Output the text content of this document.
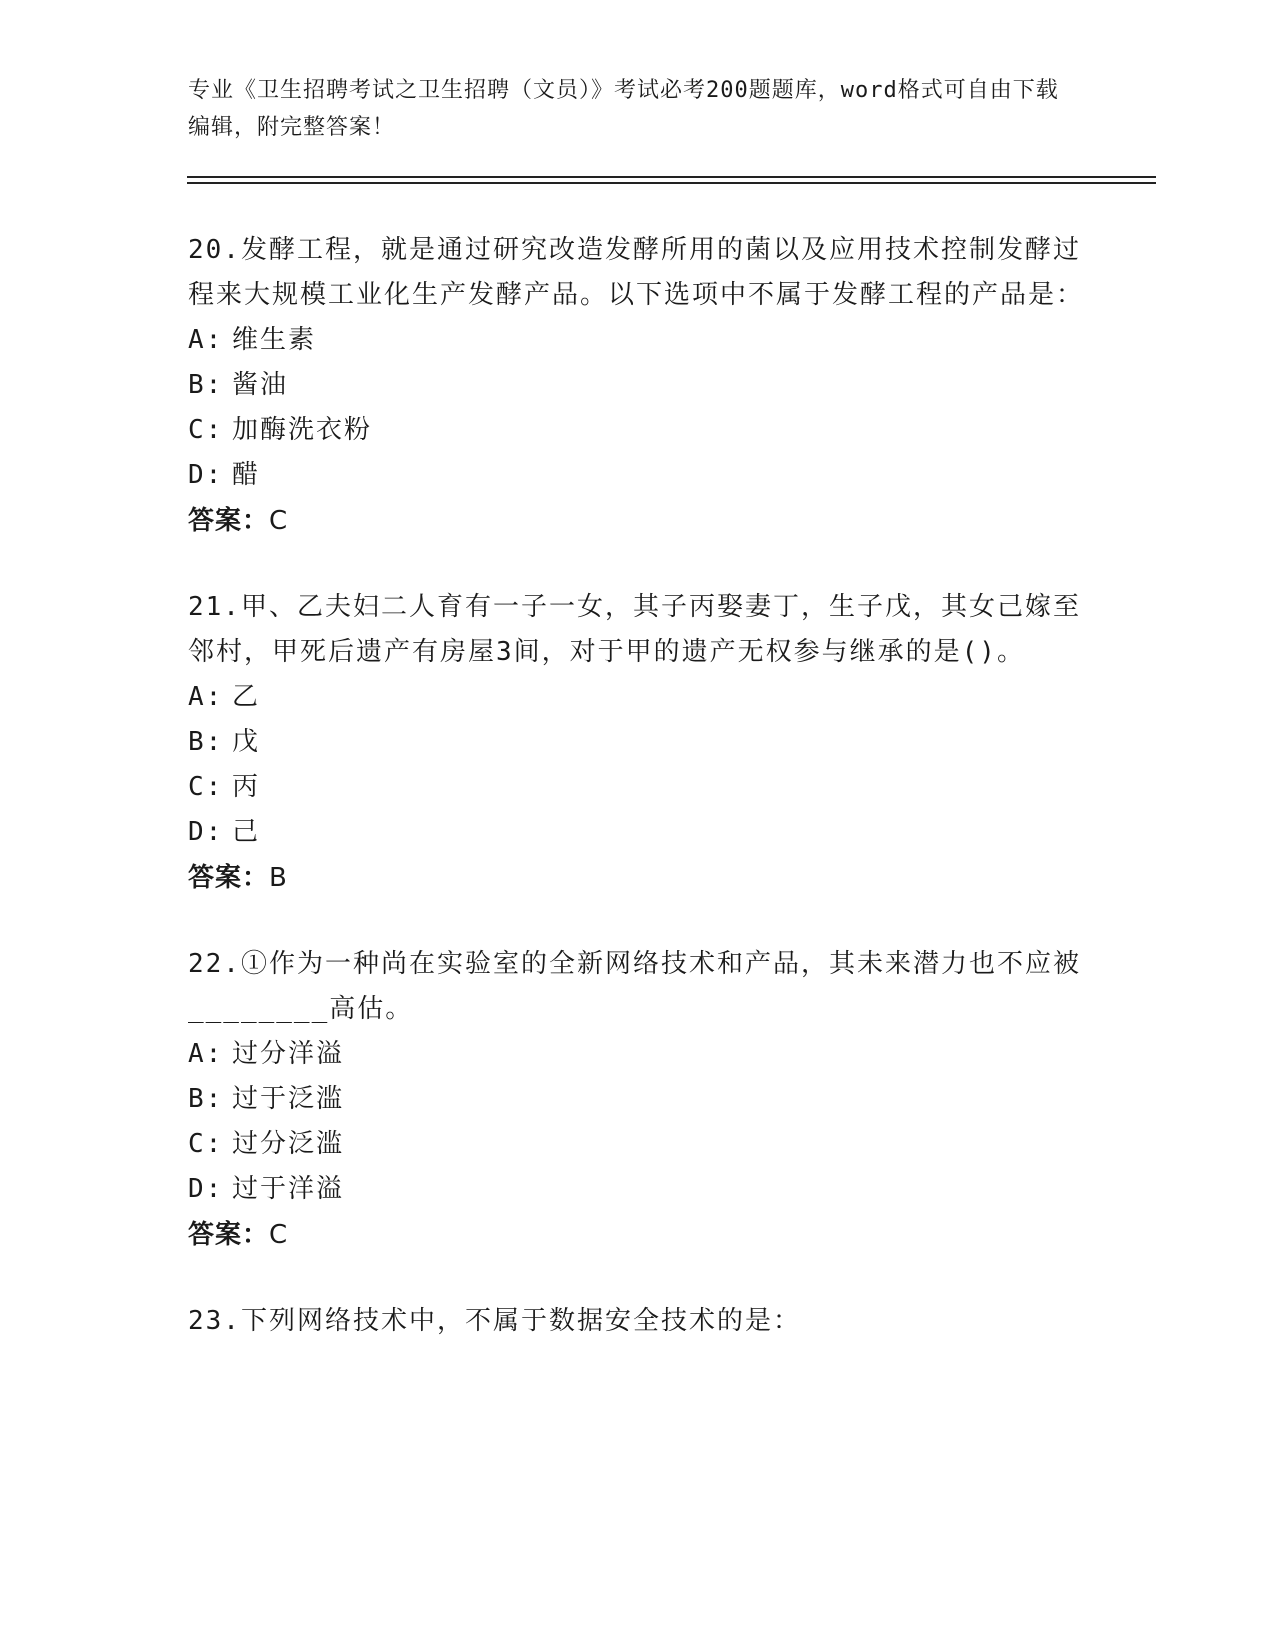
专业《卫生招聘考试之卫生招聘（文员）》考试必考200题题库，word格式可自由下载编辑，附完整答案！

20.发酵工程，就是通过研究改造发酵所用的菌以及应用技术控制发酵过程来大规模工业化生产发酵产品。以下选项中不属于发酵工程的产品是：

A: 维生素

B: 酱油

C: 加酶洗衣粉

D: 醋

答案：C

21.甲、乙夫妇二人育有一子一女，其子丙娶妻丁，生子戊，其女己嫁至邻村，甲死后遗产有房屋3间，对于甲的遗产无权参与继承的是()。

A: 乙

B: 戊

C: 丙

D: 己

答案：B

22.①作为一种尚在实验室的全新网络技术和产品，其未来潜力也不应被________高估。

A: 过分洋溢

B: 过于泛滥

C: 过分泛滥

D: 过于洋溢

答案：C

23.下列网络技术中，不属于数据安全技术的是：
